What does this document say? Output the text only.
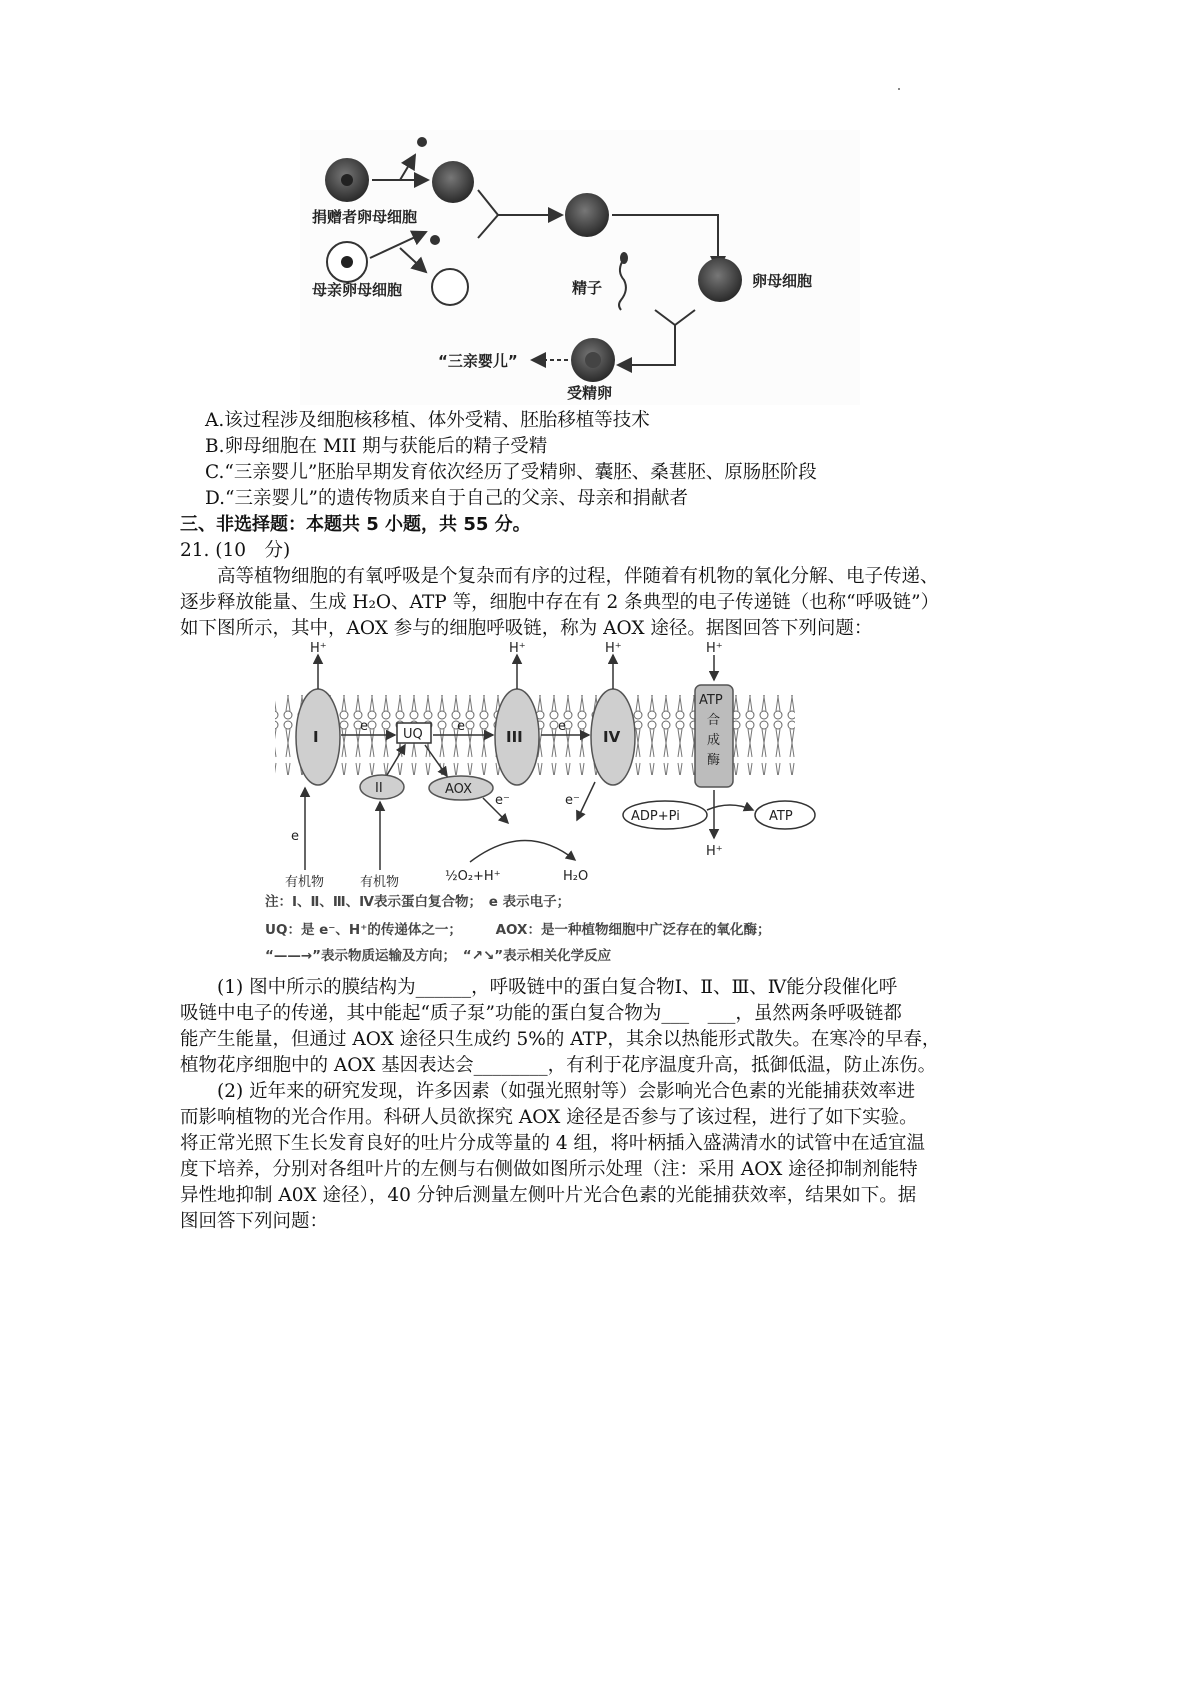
捐赠者卵母细胞
母亲卵母细胞	卵母细胞
精子
受精卵
“三亲婴儿”
A.该过程涉及细胞核移植、体外受精、胚胎移植等技术
B.卵母细胞在 MII 期与获能后的精子受精
C.“三亲婴儿”胚胎早期发育依次经历了受精卵、囊胚、桑葚胚、原肠胚阶段
D.“三亲婴儿”的遗传物质来自于自己的父亲、母亲和捐献者
三、非选择题：本题共 5 小题，共 55 分。
21. (10　分)
　　高等植物细胞的有氧呼吸是个复杂而有序的过程，伴随着有机物的氧化分解、电子传递、
逐步释放能量、生成 H₂O、ATP 等，细胞中存在有 2 条典型的电子传递链（也称“呼吸链”）
如下图所示，其中，AOX 参与的细胞呼吸链，称为 AOX 途径。据图回答下列问题：
I
H⁺
II
UQ
e
AOX
e
III
H⁺
e
IV
H⁺
ATP
合
成
酶
H⁺
H⁺
ADP+Pi	ATP
e
有机物	有机物
e⁻	e⁻
½O₂+H⁺	H₂O
注：Ⅰ、Ⅱ、Ⅲ、Ⅳ表示蛋白复合物；　e 表示电子；
UQ：是 e⁻、H⁺的传递体之一；　　　AOX：是一种植物细胞中广泛存在的氧化酶；
“——→”表示物质运输及方向；　“↗↘”表示相关化学反应
　　(1) 图中所示的膜结构为______，呼吸链中的蛋白复合物Ⅰ、Ⅱ、Ⅲ、Ⅳ能分段催化呼
吸链中电子的传递，其中能起“质子泵”功能的蛋白复合物为___　___，虽然两条呼吸链都
能产生能量，但通过 AOX 途径只生成约 5%的 ATP，其余以热能形式散失。在寒冷的早春，
植物花序细胞中的 AOX 基因表达会________，有利于花序温度升高，抵御低温，防止冻伤。
　　(2) 近年来的研究发现，许多因素（如强光照射等）会影响光合色素的光能捕获效率进
而影响植物的光合作用。科研人员欲探究 AOX 途径是否参与了该过程，进行了如下实验。
将正常光照下生长发育良好的吐片分成等量的 4 组，将叶柄插入盛满清水的试管中在适宜温
度下培养，分别对各组叶片的左侧与右侧做如图所示处理（注：采用 AOX 途径抑制剂能特
异性地抑制 A0X 途径），40 分钟后测量左侧叶片光合色素的光能捕获效率，结果如下。据
图回答下列问题：
